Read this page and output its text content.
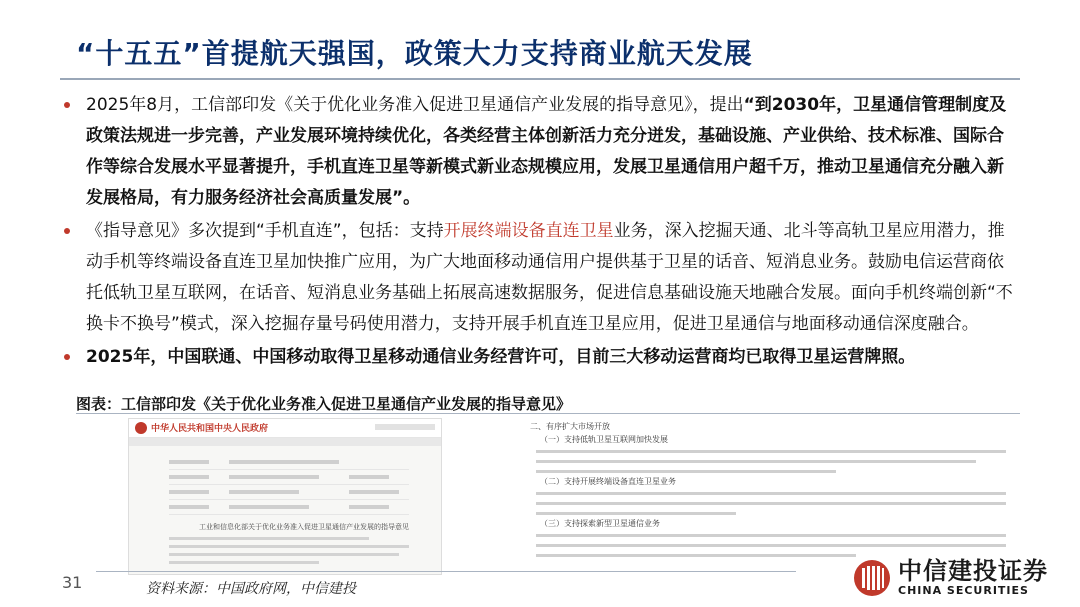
“十五五”首提航天强国，政策大力支持商业航天发展
2025年8月，工信部印发《关于优化业务准入促进卫星通信产业发展的指导意见》，提出“到2030年，卫星通信管理制度及政策法规进一步完善，产业发展环境持续优化，各类经营主体创新活力充分迸发，基础设施、产业供给、技术标准、国际合作等综合发展水平显著提升，手机直连卫星等新模式新业态规模应用，发展卫星通信用户超千万，推动卫星通信充分融入新发展格局，有力服务经济社会高质量发展”。
《指导意见》多次提到“手机直连”，包括：支持开展终端设备直连卫星业务，深入挖掘天通、北斗等高轨卫星应用潜力，推动手机等终端设备直连卫星加快推广应用，为广大地面移动通信用户提供基于卫星的话音、短消息业务。鼓励电信运营商依托低轨卫星互联网，在话音、短消息业务基础上拓展高速数据服务，促进信息基础设施天地融合发展。面向手机终端创新“不换卡不换号”模式，深入挖掘存量号码使用潜力，支持开展手机直连卫星应用，促进卫星通信与地面移动通信深度融合。
2025年，中国联通、中国移动取得卫星移动通信业务经营许可，目前三大移动运营商均已取得卫星运营牌照。
图表：工信部印发《关于优化业务准入促进卫星通信产业发展的指导意见》
中华人民共和国中央人民政府
工业和信息化部关于优化业务准入促进卫星通信产业发展的指导意见
二、有序扩大市场开放
（一）支持低轨卫星互联网加快发展
（二）支持开展终端设备直连卫星业务
（三）支持探索新型卫星通信业务
31	资料来源：中国政府网，中信建投
中信建投证券
CHINA SECURITIES
